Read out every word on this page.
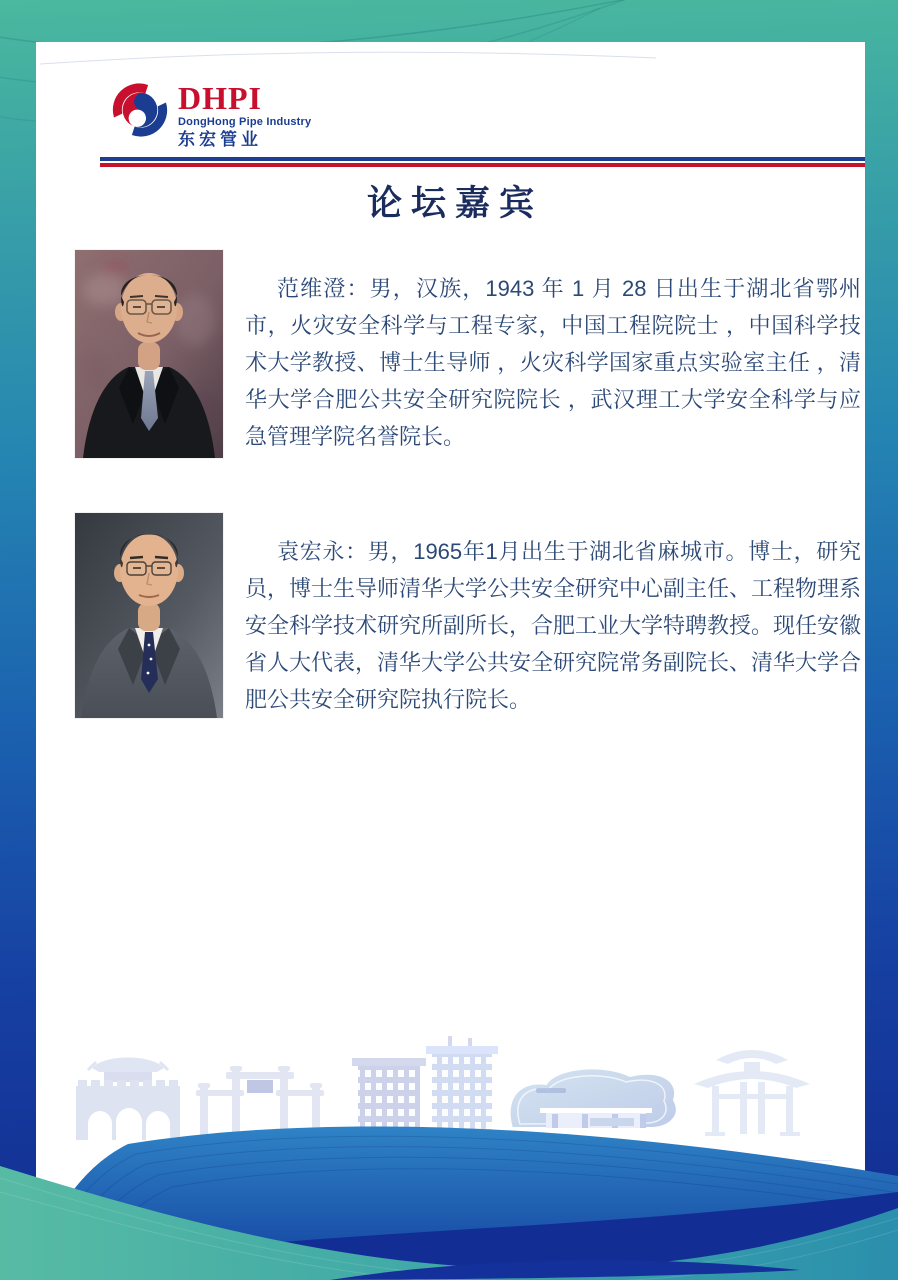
DHPI
DongHong Pipe Industry
东宏管业
论坛嘉宾

范维澄：男，汉族，1943 年 1 月 28 日出生于湖北省鄂州市，火灾安全科学与工程专家，中国工程院院士 ，中国科学技术大学教授、博士生导师 ，火灾科学国家重点实验室主任 ，清华大学合肥公共安全研究院院长 ，武汉理工大学安全科学与应急管理学院名誉院长。

袁宏永：男，1965年1月出生于湖北省麻城市。博士，研究员，博士生导师清华大学公共安全研究中心副主任、工程物理系安全科学技术研究所副所长，合肥工业大学特聘教授。现任安徽省人大代表，清华大学公共安全研究院常务副院长、清华大学合肥公共安全研究院执行院长。
